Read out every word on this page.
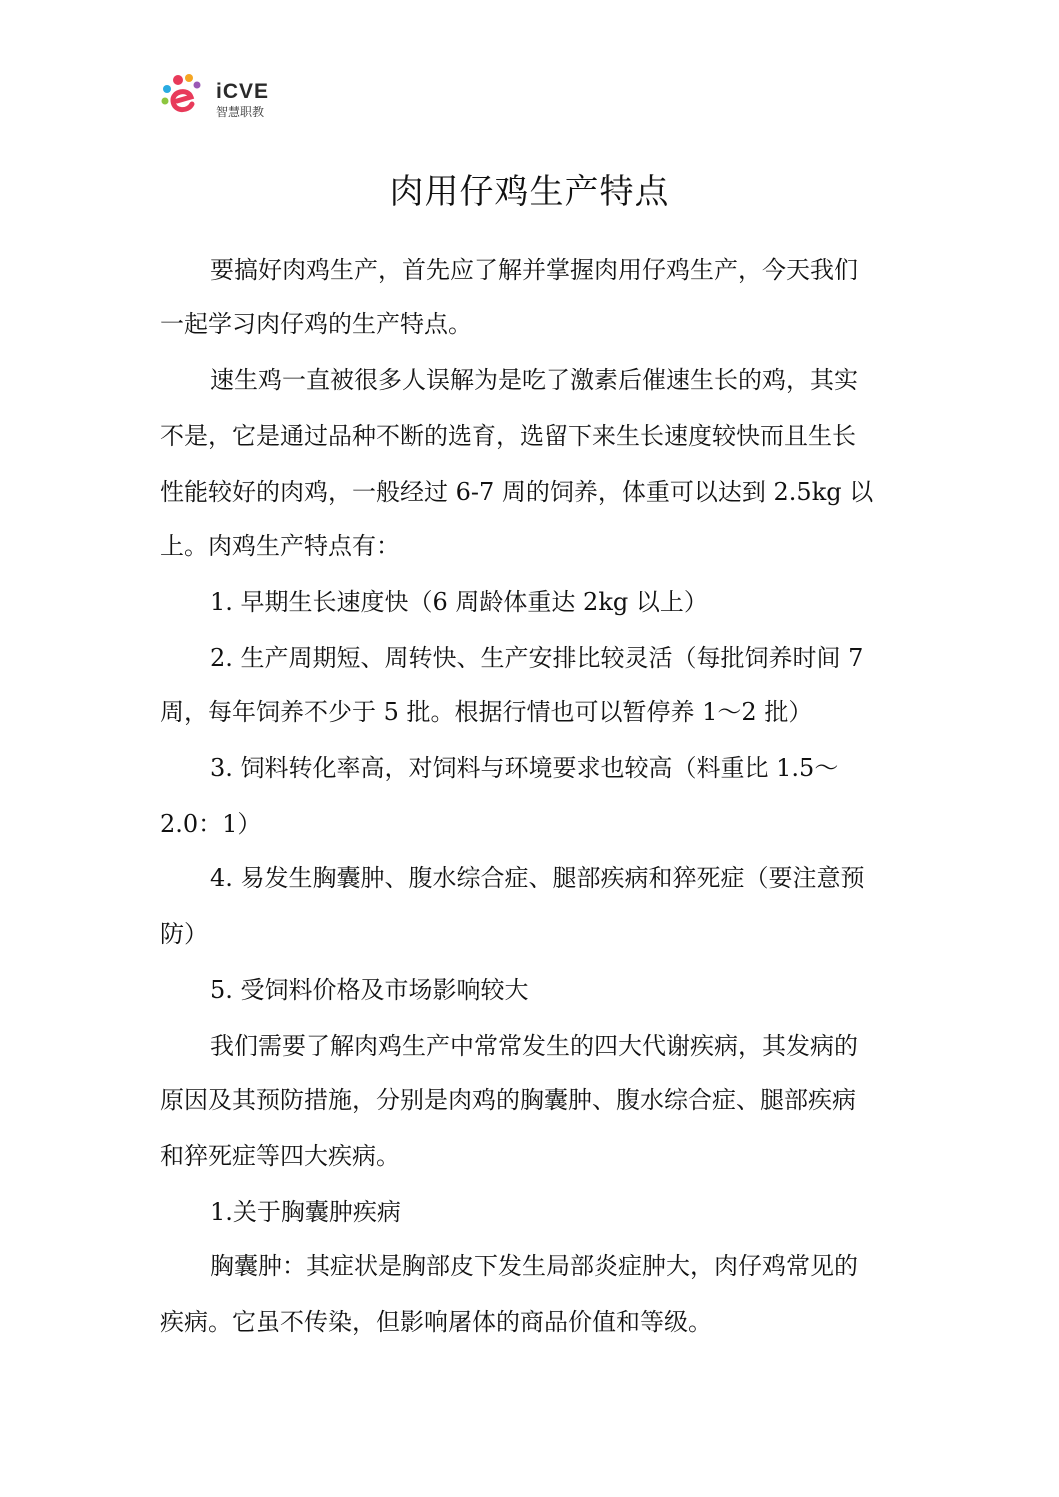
iCVE
智慧职教
肉用仔鸡生产特点
要搞好肉鸡生产，首先应了解并掌握肉用仔鸡生产，今天我们
一起学习肉仔鸡的生产特点。
速生鸡一直被很多人误解为是吃了激素后催速生长的鸡，其实
不是，它是通过品种不断的选育，选留下来生长速度较快而且生长
性能较好的肉鸡，一般经过 6-7 周的饲养，体重可以达到 2.5kg 以
上。肉鸡生产特点有：
1. 早期生长速度快（6 周龄体重达 2kg 以上）
2. 生产周期短、周转快、生产安排比较灵活（每批饲养时间 7
周，每年饲养不少于 5 批。根据行情也可以暂停养 1～2 批）
3. 饲料转化率高，对饲料与环境要求也较高（料重比 1.5～
2.0：1）
4. 易发生胸囊肿、腹水综合症、腿部疾病和猝死症（要注意预
防）
5. 受饲料价格及市场影响较大
我们需要了解肉鸡生产中常常发生的四大代谢疾病，其发病的
原因及其预防措施，分别是肉鸡的胸囊肿、腹水综合症、腿部疾病
和猝死症等四大疾病。
1.关于胸囊肿疾病
胸囊肿：其症状是胸部皮下发生局部炎症肿大，肉仔鸡常见的
疾病。它虽不传染，但影响屠体的商品价值和等级。
